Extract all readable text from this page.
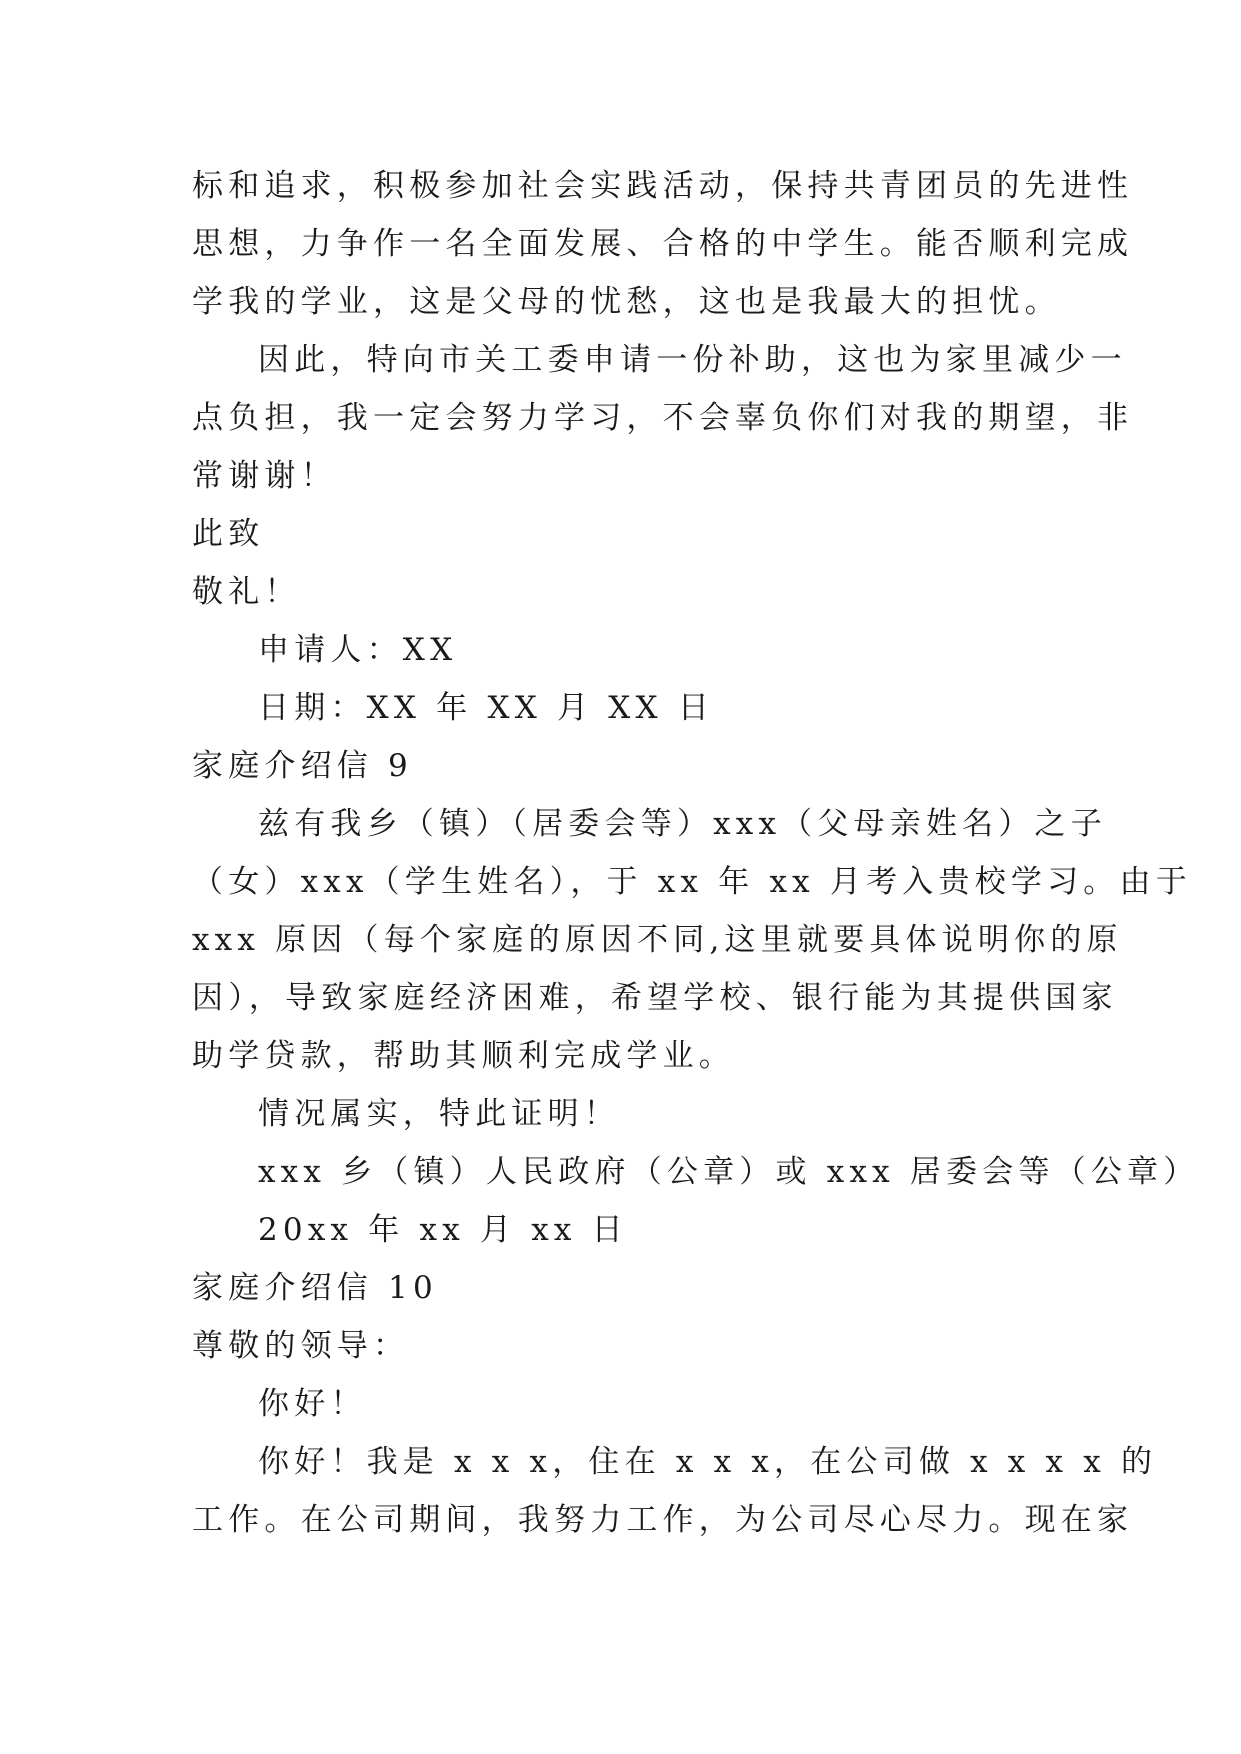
标和追求，积极参加社会实践活动，保持共青团员的先进性
思想，力争作一名全面发展、合格的中学生。能否顺利完成
学我的学业，这是父母的忧愁，这也是我最大的担忧。
因此，特向市关工委申请一份补助，这也为家里减少一
点负担，我一定会努力学习，不会辜负你们对我的期望，非
常谢谢！
此致
敬礼！
申请人：XX
日期：XX 年 XX 月 XX 日
家庭介绍信 9
兹有我乡（镇）（居委会等）xxx（父母亲姓名）之子
（女）xxx（学生姓名），于 xx 年 xx 月考入贵校学习。由于
xxx 原因（每个家庭的原因不同,这里就要具体说明你的原
因），导致家庭经济困难，希望学校、银行能为其提供国家
助学贷款，帮助其顺利完成学业。
情况属实，特此证明！
xxx 乡（镇）人民政府（公章）或 xxx 居委会等（公章）
20xx 年 xx 月 xx 日
家庭介绍信 10
尊敬的领导：
你好！
你好！我是 x x x，住在 x x x，在公司做 x x x x 的
工作。在公司期间，我努力工作，为公司尽心尽力。现在家
